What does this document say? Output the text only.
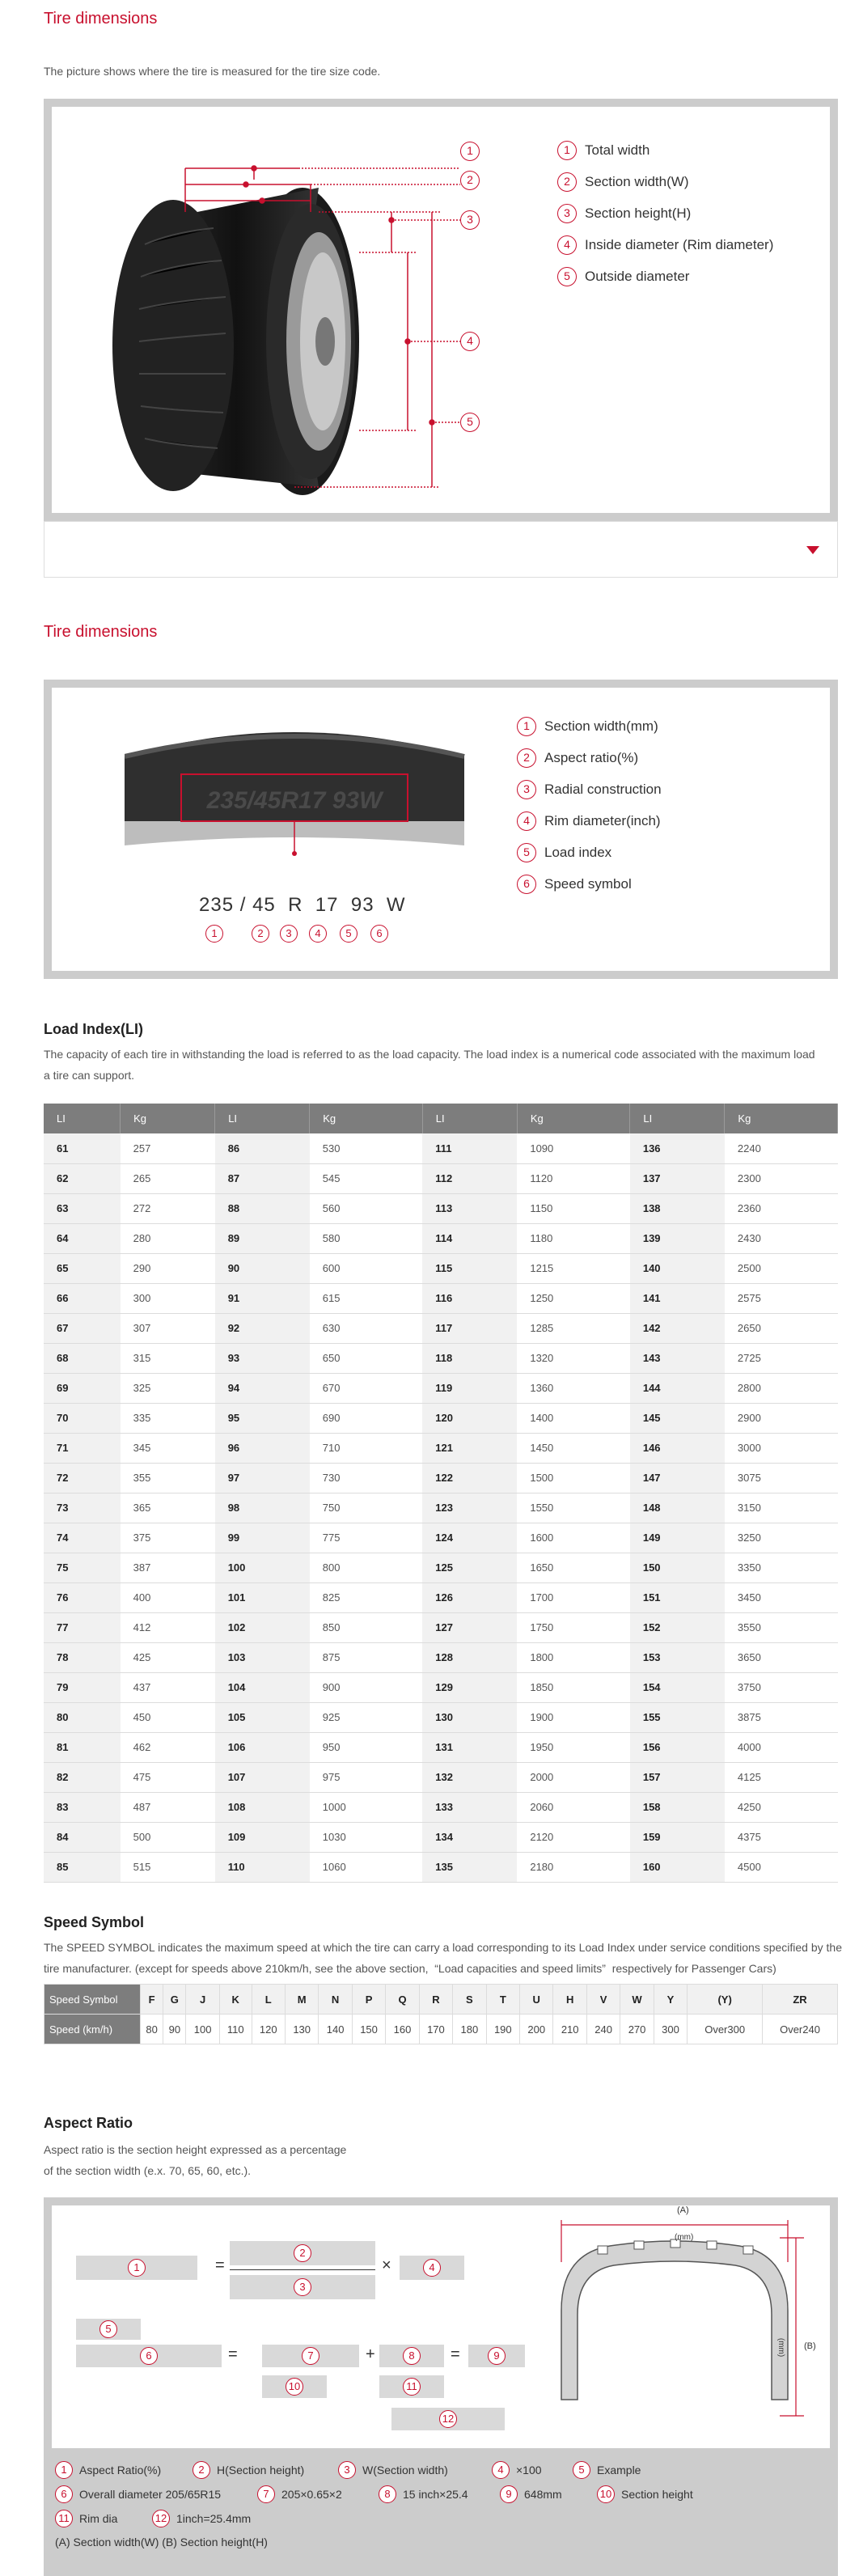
Tire dimensions

The picture shows where the tire is measured for the tire size code.

1
2
3
4
5
1	Total width
2	Section width(W)
3	Section height(H)
4	Inside diameter (Rim diameter)
5	Outside diameter
Tire dimensions
235/45R17 93W
235 / 45 R 17 93 W
1	2	3	4	5	6
1	Section width(mm)
2	Aspect ratio(%)
3	Radial construction
4	Rim diameter(inch)
5	Load index
6	Speed symbol
Load Index(LI)

The capacity of each tire in withstanding the load is referred to as the load capacity. The load index is a numerical code associated with the maximum load a tire can support.

LI	Kg	LI	Kg	LI	Kg	LI	Kg
61	257	86	530	111	1090	136	2240
62	265	87	545	112	1120	137	2300
63	272	88	560	113	1150	138	2360
64	280	89	580	114	1180	139	2430
65	290	90	600	115	1215	140	2500
66	300	91	615	116	1250	141	2575
67	307	92	630	117	1285	142	2650
68	315	93	650	118	1320	143	2725
69	325	94	670	119	1360	144	2800
70	335	95	690	120	1400	145	2900
71	345	96	710	121	1450	146	3000
72	355	97	730	122	1500	147	3075
73	365	98	750	123	1550	148	3150
74	375	99	775	124	1600	149	3250
75	387	100	800	125	1650	150	3350
76	400	101	825	126	1700	151	3450
77	412	102	850	127	1750	152	3550
78	425	103	875	128	1800	153	3650
79	437	104	900	129	1850	154	3750
80	450	105	925	130	1900	155	3875
81	462	106	950	131	1950	156	4000
82	475	107	975	132	2000	157	4125
83	487	108	1000	133	2060	158	4250
84	500	109	1030	134	2120	159	4375
85	515	110	1060	135	2180	160	4500
Speed Symbol

The SPEED SYMBOL indicates the maximum speed at which the tire can carry a load corresponding to its Load Index under service conditions specified by the tire manufacturer. (except for speeds above 210km/h, see the above section,  “Load capacities and speed limits”  respectively for Passenger Cars)

Speed Symbol	F	G	J	K	L	M	N	P	Q	R	S	T	U	H	V	W	Y	(Y)	ZR
Speed (km/h)	80	90	100	110	120	130	140	150	160	170	180	190	200	210	240	270	300	Over300	Over240
Aspect Ratio

Aspect ratio is the section height expressed as a percentage

of the section width (e.x. 70, 65, 60, etc.).

1	=
2
3
×	4
5
6	=	7	+	8	=	9
10	11
12
(A)
(mm)
(mm) (B)
1	Aspect Ratio(%)	2	H(Section height)	3	W(Section width)	4	×100	5	Example
6	Overall diameter 205/65R15	7	205×0.65×2	8	15 inch×25.4	9	648mm	10 Section height
11 Rim dia	12 1inch=25.4mm
(A) Section width(W) (B) Section height(H)
